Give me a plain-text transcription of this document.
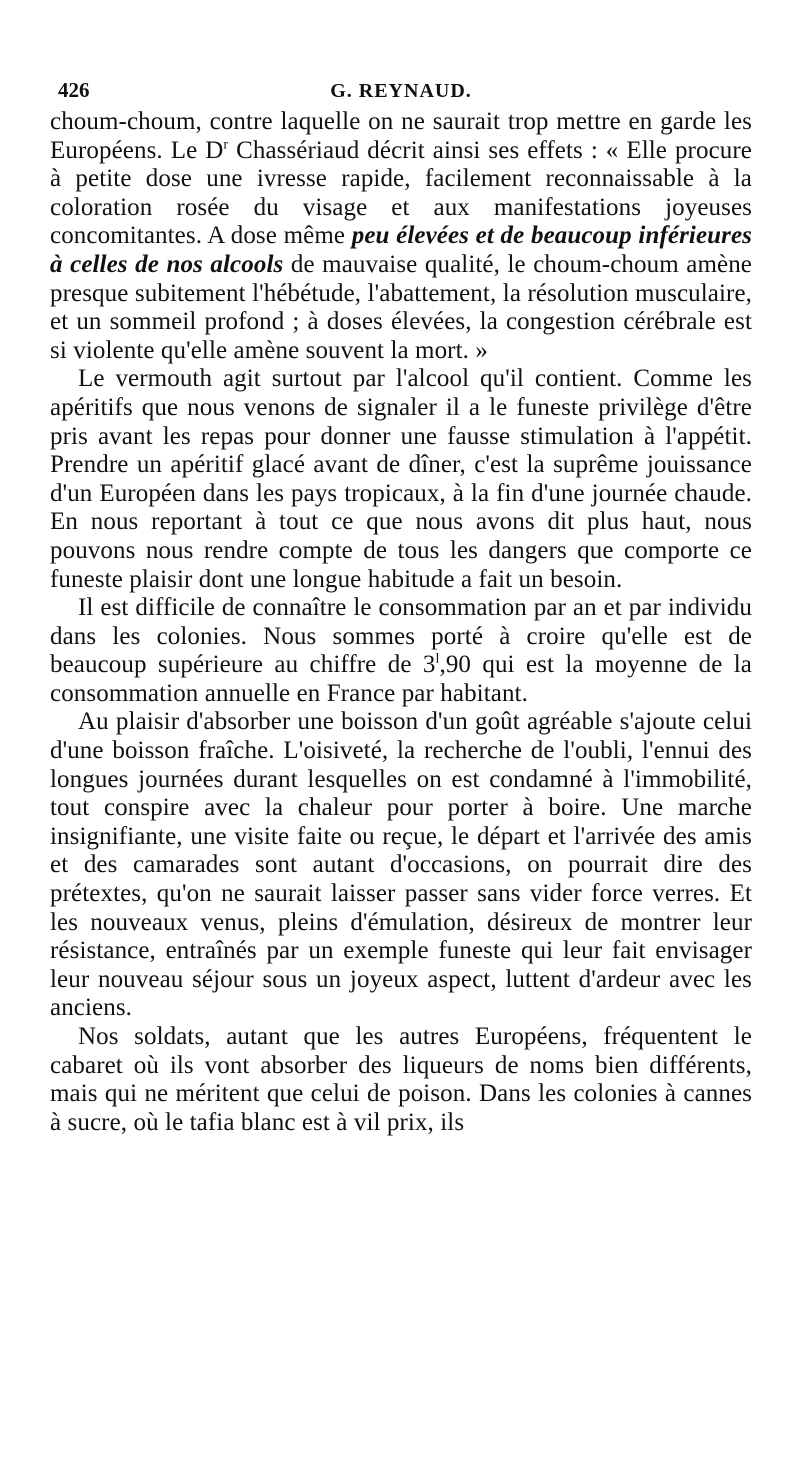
426	G. REYNAUD.

choum-choum, contre laquelle on ne saurait trop mettre en garde les Européens. Le $D^r$ Chassériaud décrit ainsi ses effets : « Elle procure à petite dose une ivresse rapide, facilement reconnaissable à la coloration rosée du visage et aux manifestations joyeuses concomitantes. A dose même peu élevées et de beaucoup inférieures à celles de nos alcools de mauvaise qualité, le choum-choum amène presque subitement l'hébétude, l'abattement, la résolution musculaire, et un sommeil profond ; à doses élevées, la congestion cérébrale est si violente qu'elle amène souvent la mort. »

Le vermouth agit surtout par l'alcool qu'il contient. Comme les apéritifs que nous venons de signaler il a le funeste privilège d'être pris avant les repas pour donner une fausse stimulation à l'appétit. Prendre un apéritif glacé avant de dîner, c'est la suprême jouissance d'un Européen dans les pays tropicaux, à la fin d'une journée chaude. En nous reportant à tout ce que nous avons dit plus haut, nous pouvons nous rendre compte de tous les dangers que comporte ce funeste plaisir dont une longue habitude a fait un besoin.

Il est difficile de connaître le consommation par an et par individu dans les colonies. Nous sommes porté à croire qu'elle est de beaucoup supérieure au chiffre de 3$^l$,90 qui est la moyenne de la consommation annuelle en France par habitant.

Au plaisir d'absorber une boisson d'un goût agréable s'ajoute celui d'une boisson fraîche. L'oisiveté, la recherche de l'oubli, l'ennui des longues journées durant lesquelles on est condamné à l'immobilité, tout conspire avec la chaleur pour porter à boire. Une marche insignifiante, une visite faite ou reçue, le départ et l'arrivée des amis et des camarades sont autant d'occasions, on pourrait dire des prétextes, qu'on ne saurait laisser passer sans vider force verres. Et les nouveaux venus, pleins d'émulation, désireux de montrer leur résistance, entraînés par un exemple funeste qui leur fait envisager leur nouveau séjour sous un joyeux aspect, luttent d'ardeur avec les anciens.

Nos soldats, autant que les autres Européens, fréquentent le cabaret où ils vont absorber des liqueurs de noms bien différents, mais qui ne méritent que celui de poison. Dans les colonies à cannes à sucre, où le tafia blanc est à vil prix, ils
